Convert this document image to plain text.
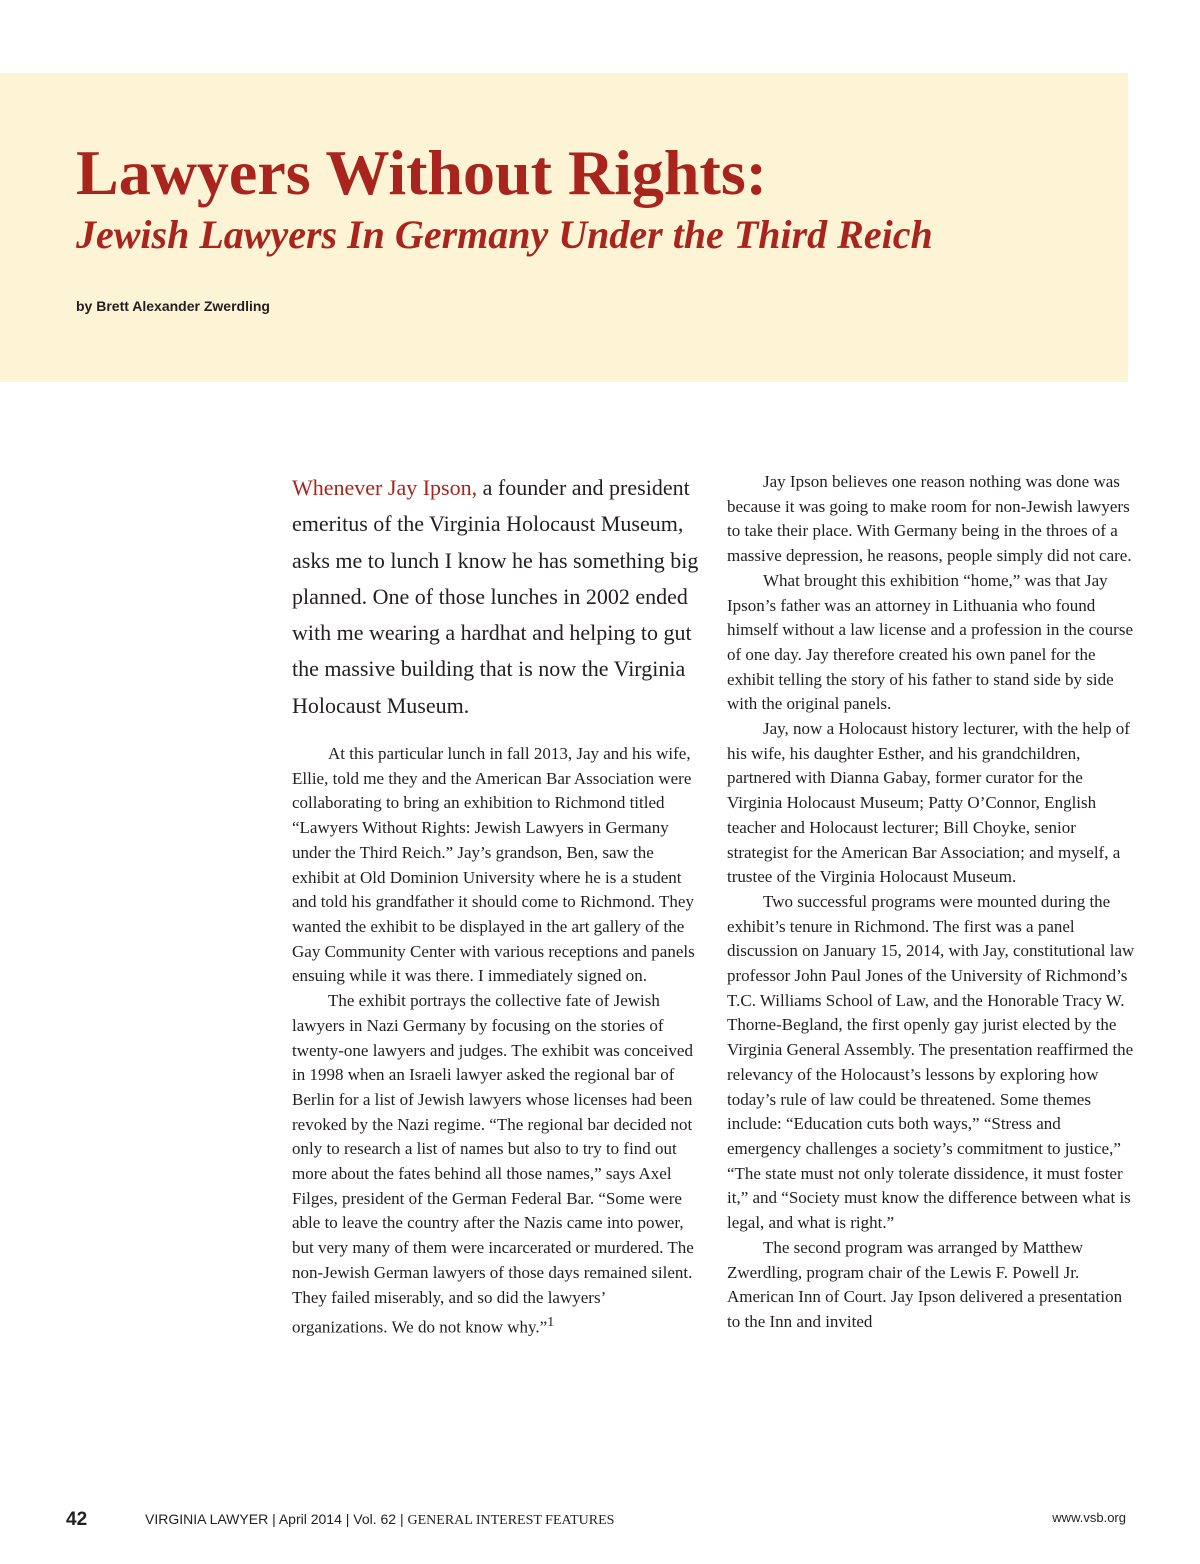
Lawyers Without Rights:
Jewish Lawyers In Germany Under the Third Reich
by Brett Alexander Zwerdling

Whenever Jay Ipson, a founder and president emeritus of the Virginia Holocaust Museum, asks me to lunch I know he has something big planned. One of those lunches in 2002 ended with me wearing a hardhat and helping to gut the massive building that is now the Virginia Holocaust Museum.

At this particular lunch in fall 2013, Jay and his wife, Ellie, told me they and the American Bar Association were collaborating to bring an exhibition to Richmond titled “Lawyers Without Rights: Jewish Lawyers in Germany under the Third Reich.” Jay’s grandson, Ben, saw the exhibit at Old Dominion University where he is a student and told his grandfather it should come to Richmond. They wanted the exhibit to be displayed in the art gallery of the Gay Community Center with various receptions and panels ensuing while it was there. I immediately signed on.

The exhibit portrays the collective fate of Jewish lawyers in Nazi Germany by focusing on the stories of twenty-one lawyers and judges. The exhibit was conceived in 1998 when an Israeli lawyer asked the regional bar of Berlin for a list of Jewish lawyers whose licenses had been revoked by the Nazi regime. “The regional bar decided not only to research a list of names but also to try to find out more about the fates behind all those names,” says Axel Filges, president of the German Federal Bar. “Some were able to leave the country after the Nazis came into power, but very many of them were incarcerated or murdered. The non-Jewish German lawyers of those days remained silent. They failed miserably, and so did the lawyers’ organizations. We do not know why.”$^1$

Jay Ipson believes one reason nothing was done was because it was going to make room for non-Jewish lawyers to take their place. With Germany being in the throes of a massive depression, he reasons, people simply did not care.

What brought this exhibition “home,” was that Jay Ipson’s father was an attorney in Lithuania who found himself without a law license and a profession in the course of one day. Jay therefore created his own panel for the exhibit telling the story of his father to stand side by side with the original panels.

Jay, now a Holocaust history lecturer, with the help of his wife, his daughter Esther, and his grandchildren, partnered with Dianna Gabay, former curator for the Virginia Holocaust Museum; Patty O’Connor, English teacher and Holocaust lecturer; Bill Choyke, senior strategist for the American Bar Association; and myself, a trustee of the Virginia Holocaust Museum.

Two successful programs were mounted during the exhibit’s tenure in Richmond. The first was a panel discussion on January 15, 2014, with Jay, constitutional law professor John Paul Jones of the University of Richmond’s T.C. Williams School of Law, and the Honorable Tracy W. Thorne-Begland, the first openly gay jurist elected by the Virginia General Assembly. The presentation reaffirmed the relevancy of the Holocaust’s lessons by exploring how today’s rule of law could be threatened. Some themes include: “Education cuts both ways,” “Stress and emergency challenges a society’s commitment to justice,” “The state must not only tolerate dissidence, it must foster it,” and “Society must know the difference between what is legal, and what is right.”

The second program was arranged by Matthew Zwerdling, program chair of the Lewis F. Powell Jr. American Inn of Court. Jay Ipson delivered a presentation to the Inn and invited

42	VIRGINIA LAWYER | April 2014 | Vol. 62 | GENERAL INTEREST FEATURES	www.vsb.org
